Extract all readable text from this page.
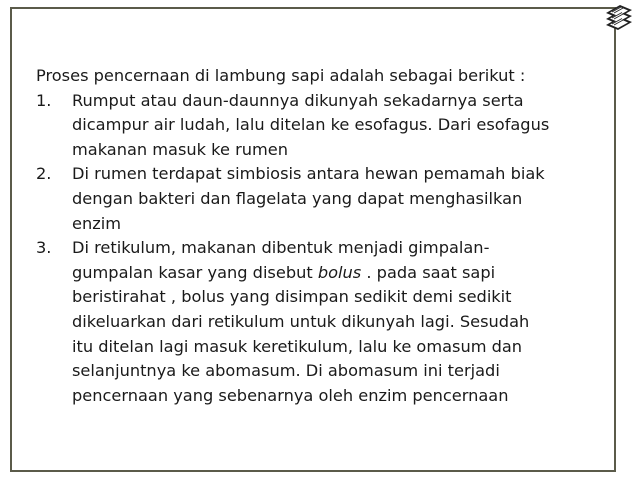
Proses pencernaan di lambung sapi adalah sebagai berikut :
1.	Rumput atau daun-daunnya dikunyah sekadarnya serta
dicampur air ludah, lalu ditelan ke esofagus. Dari esofagus
makanan masuk ke rumen
2.	Di rumen terdapat simbiosis antara hewan pemamah biak
dengan bakteri dan flagelata yang dapat menghasilkan
enzim
3.	Di retikulum, makanan dibentuk menjadi gimpalan-
gumpalan kasar yang disebut bolus . pada saat sapi
beristirahat , bolus yang disimpan sedikit demi sedikit
dikeluarkan dari retikulum untuk dikunyah lagi. Sesudah
itu ditelan lagi masuk keretikulum, lalu ke omasum dan
selanjuntnya ke abomasum. Di abomasum ini terjadi
pencernaan yang sebenarnya oleh enzim pencernaan
